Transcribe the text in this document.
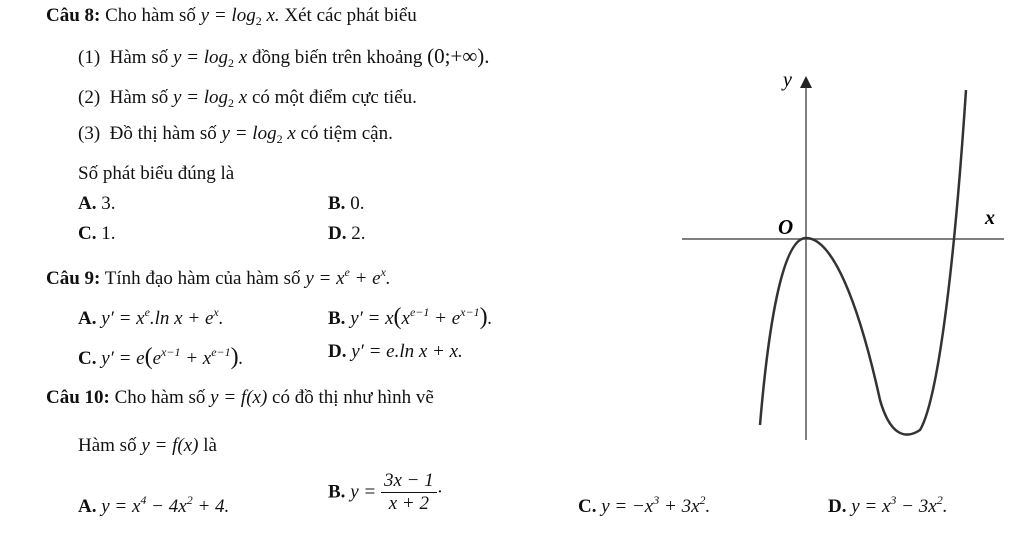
Câu 8: Cho hàm số $y = \log_2 x$. Xét các phát biểu
(1) Hàm số $y = \log_2 x$ đồng biến trên khoảng (0;+∞).
(2) Hàm số $y = \log_2 x$ có một điểm cực tiểu.
(3) Đồ thị hàm số $y = \log_2 x$ có tiệm cận.
Số phát biểu đúng là
A. 3.	B. 0.
C. 1.	D. 2.
Câu 9: Tính đạo hàm của hàm số $y = x^e + e^x$.
A. $y' = x^e.\ln$ $x + e^x$.	B. $y' = x(x^{e-1} + e^{x-1})$.
C. $y' = e(e^{x-1} + x^{e-1})$.	D. y′ = e.ln x + x.
Câu 10: Cho hàm số y = f(x) có đồ thị như hình vẽ
Hàm số y = f(x) là
A. $y = x^4 - 4x^2 + 4$.
B. $y = \frac{3x - 1}{x + 2}$ ·
C. $y = -x^3 + 3x^2$.	D. $y = x^3 - 3x^2$.
y
x
O
